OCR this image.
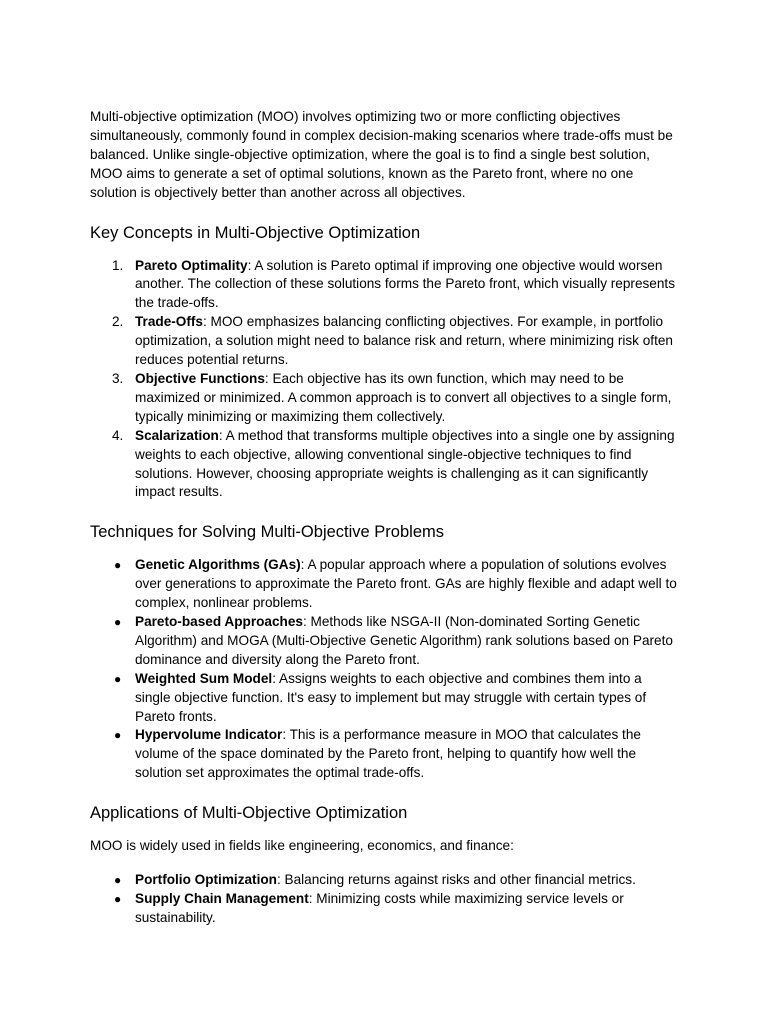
Multi-objective optimization (MOO) involves optimizing two or more conflicting objectives simultaneously, commonly found in complex decision-making scenarios where trade-offs must be balanced. Unlike single-objective optimization, where the goal is to find a single best solution, MOO aims to generate a set of optimal solutions, known as the Pareto front, where no one solution is objectively better than another across all objectives.

Key Concepts in Multi-Objective Optimization
1. Pareto Optimality: A solution is Pareto optimal if improving one objective would worsen another. The collection of these solutions forms the Pareto front, which visually represents the trade-offs.
2. Trade-Offs: MOO emphasizes balancing conflicting objectives. For example, in portfolio optimization, a solution might need to balance risk and return, where minimizing risk often reduces potential returns.
3. Objective Functions: Each objective has its own function, which may need to be maximized or minimized. A common approach is to convert all objectives to a single form, typically minimizing or maximizing them collectively.
4. Scalarization: A method that transforms multiple objectives into a single one by assigning weights to each objective, allowing conventional single-objective techniques to find solutions. However, choosing appropriate weights is challenging as it can significantly impact results.
Techniques for Solving Multi-Objective Problems
● Genetic Algorithms (GAs): A popular approach where a population of solutions evolves over generations to approximate the Pareto front. GAs are highly flexible and adapt well to complex, nonlinear problems.
● Pareto-based Approaches: Methods like NSGA-II (Non-dominated Sorting Genetic Algorithm) and MOGA (Multi-Objective Genetic Algorithm) rank solutions based on Pareto dominance and diversity along the Pareto front.
● Weighted Sum Model: Assigns weights to each objective and combines them into a single objective function. It's easy to implement but may struggle with certain types of Pareto fronts.
● Hypervolume Indicator: This is a performance measure in MOO that calculates the volume of the space dominated by the Pareto front, helping to quantify how well the solution set approximates the optimal trade-offs.
Applications of Multi-Objective Optimization

MOO is widely used in fields like engineering, economics, and finance:

● Portfolio Optimization: Balancing returns against risks and other financial metrics.
● Supply Chain Management: Minimizing costs while maximizing service levels or sustainability.
